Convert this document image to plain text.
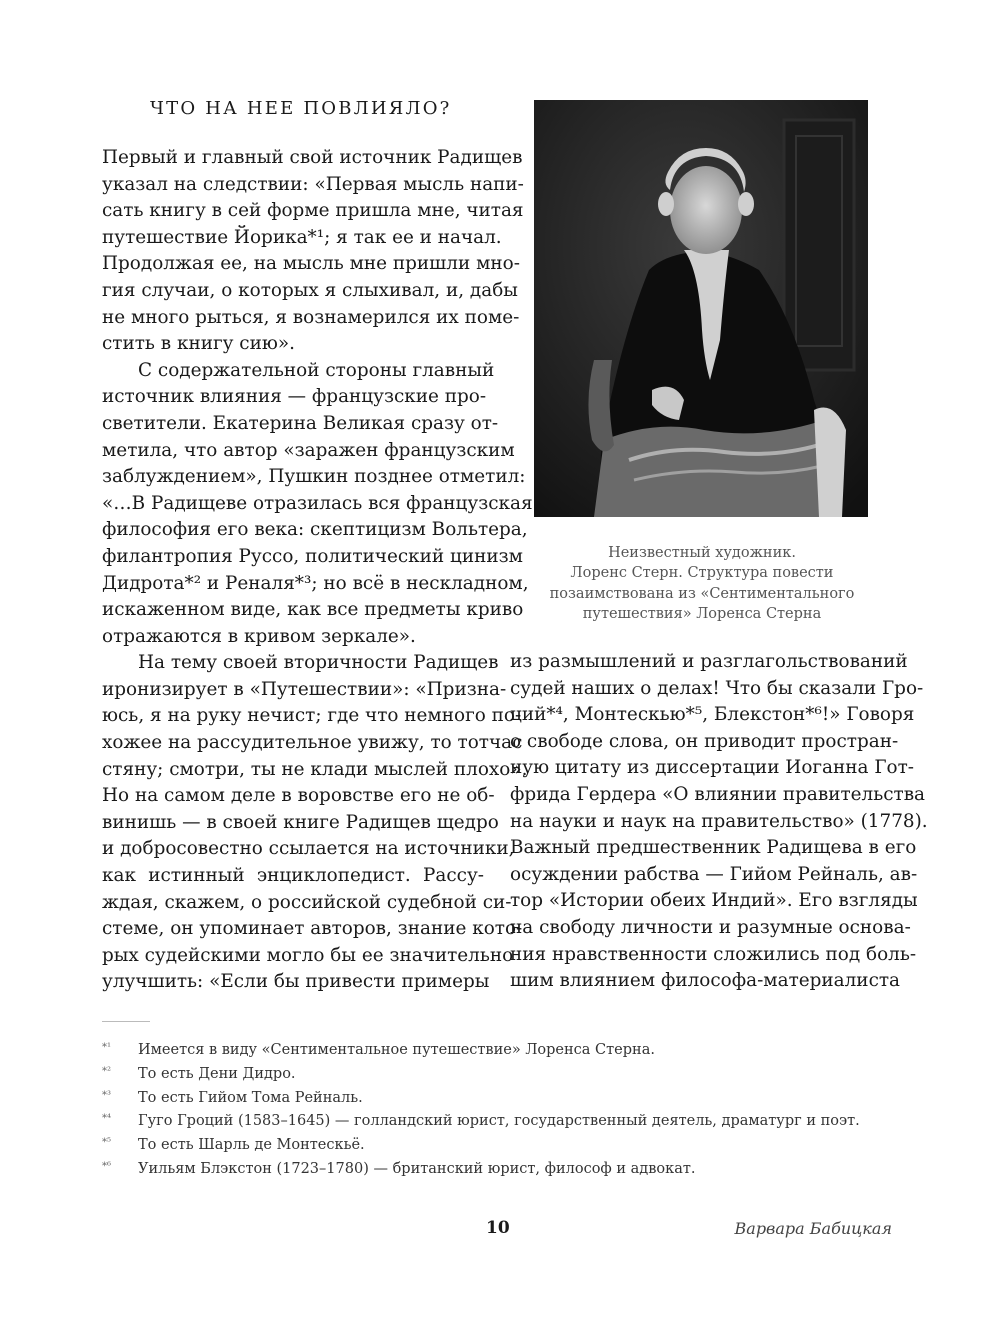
ЧТО НА НЕЕ ПОВЛИЯЛО?
Первый и главный свой источник Радищев
указал на следствии: «Первая мысль напи-
сать книгу в сей форме пришла мне, читая
путешествие Йорика*¹; я так ее и начал.
Продолжая ее, на мысль мне пришли мно-
гия случаи, о которых я слыхивал, и, дабы
не много рыться, я вознамерился их поме-
стить в книгу сию».
С содержательной стороны главный
источник влияния — французские про-
светители. Екатерина Великая сразу от-
метила, что автор «заражен французским
заблуждением», Пушкин позднее отметил:
«…В Радищеве отразилась вся французская
философия его века: скептицизм Вольтера,
филантропия Руссо, политический цинизм
Дидрота*² и Реналя*³; но всё в нескладном,
искаженном виде, как все предметы криво
отражаются в кривом зеркале».
На тему своей вторичности Радищев
иронизирует в «Путешествии»: «Призна-
юсь, я на руку нечист; где что немного по-
хожее на рассудительное увижу, то тотчас
стяну; смотри, ты не клади мыслей плохо».
Но на самом деле в воровстве его не об-
винишь — в своей книге Радищев щедро
и добросовестно ссылается на источники,
как истинный энциклопедист. Рассу-
ждая, скажем, о российской судебной си-
стеме, он упоминает авторов, знание кото-
рых судейскими могло бы ее значительно
улучшить: «Если бы привести примеры
Неизвестный художник.
Лоренс Стерн. Структура повести
позаимствована из «Сентиментального
путешествия» Лоренса Стерна
из размышлений и разглагольствований
судей наших о делах! Что бы сказали Гро-
ций*⁴, Монтескью*⁵, Блекстон*⁶!» Говоря
о свободе слова, он приводит простран-
ную цитату из диссертации Иоганна Гот-
фрида Гердера «О влиянии правительства
на науки и наук на правительство» (1778).
Важный предшественник Радищева в его
осуждении рабства — Гийом Рейналь, ав-
тор «Истории обеих Индий». Его взгляды
на свободу личности и разумные основа-
ния нравственности сложились под боль-
шим влиянием философа-материалиста
*¹ Имеется в виду «Сентиментальное путешествие» Лоренса Стерна.
*² То есть Дени Дидро.
*³ То есть Гийом Тома Рейналь.
*⁴ Гуго Гроций (1583–1645) — голландский юрист, государственный деятель, драматург и поэт.
*⁵ То есть Шарль де Монтескьё.
*⁶ Уильям Блэкстон (1723–1780) — британский юрист, философ и адвокат.
10	Варвара Бабицкая
